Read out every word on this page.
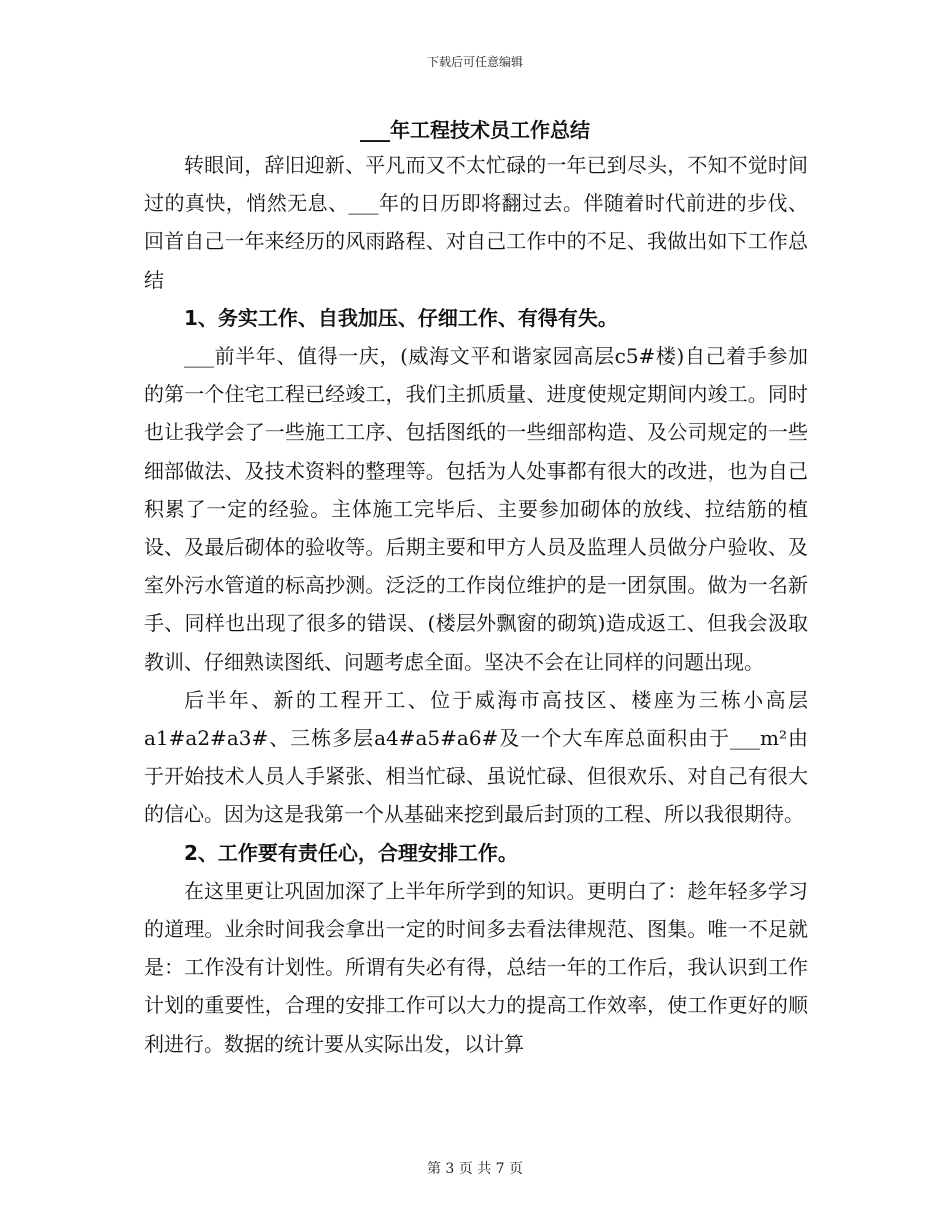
下载后可任意编辑
___年工程技术员工作总结

转眼间，辞旧迎新、平凡而又不太忙碌的一年已到尽头，不知不觉时间过的真快，悄然无息、___年的日历即将翻过去。伴随着时代前进的步伐、回首自己一年来经历的风雨路程、对自己工作中的不足、我做出如下工作总结

1、务实工作、自我加压、仔细工作、有得有失。

___前半年、值得一庆，(威海文平和谐家园高层c5#楼)自己着手参加的第一个住宅工程已经竣工，我们主抓质量、进度使规定期间内竣工。同时也让我学会了一些施工工序、包括图纸的一些细部构造、及公司规定的一些细部做法、及技术资料的整理等。包括为人处事都有很大的改进，也为自己积累了一定的经验。主体施工完毕后、主要参加砌体的放线、拉结筋的植设、及最后砌体的验收等。后期主要和甲方人员及监理人员做分户验收、及室外污水管道的标高抄测。泛泛的工作岗位维护的是一团氛围。做为一名新手、同样也出现了很多的错误、(楼层外飘窗的砌筑)造成返工、但我会汲取教训、仔细熟读图纸、问题考虑全面。坚决不会在让同样的问题出现。

后半年、新的工程开工、位于威海市高技区、楼座为三栋小高层a1#a2#a3#、三栋多层a4#a5#a6#及一个大车库总面积由于___m²由于开始技术人员人手紧张、相当忙碌、虽说忙碌、但很欢乐、对自己有很大的信心。因为这是我第一个从基础来挖到最后封顶的工程、所以我很期待。

2、工作要有责任心，合理安排工作。

在这里更让巩固加深了上半年所学到的知识。更明白了：趁年轻多学习的道理。业余时间我会拿出一定的时间多去看法律规范、图集。唯一不足就是：工作没有计划性。所谓有失必有得，总结一年的工作后，我认识到工作计划的重要性，合理的安排工作可以大力的提高工作效率，使工作更好的顺利进行。数据的统计要从实际出发，以计算

第 3 页 共 7 页
